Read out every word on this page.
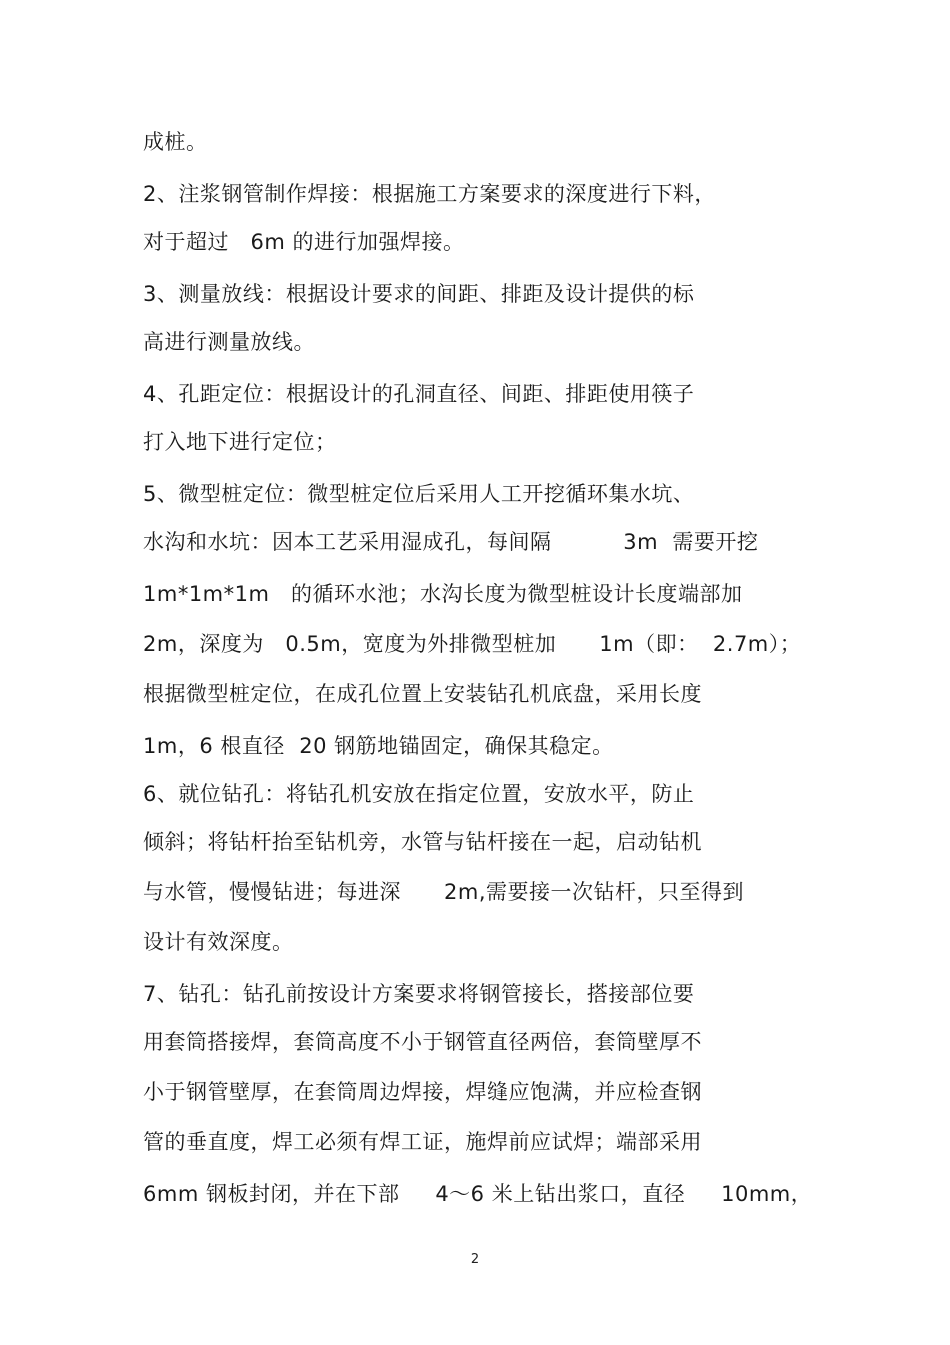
成桩。
2、注浆钢管制作焊接：根据施工方案要求的深度进行下料，
对于超过   6m 的进行加强焊接。
3、测量放线：根据设计要求的间距、排距及设计提供的标
高进行测量放线。
4、孔距定位：根据设计的孔洞直径、间距、排距使用筷子
打入地下进行定位；
5、微型桩定位：微型桩定位后采用人工开挖循环集水坑、
水沟和水坑：因本工艺采用湿成孔，每间隔          3m  需要开挖
1m*1m*1m   的循环水池；水沟长度为微型桩设计长度端部加
2m，深度为   0.5m，宽度为外排微型桩加      1m（即：  2.7m）；
根据微型桩定位，在成孔位置上安装钻孔机底盘，采用长度
1m，6 根直径  20 钢筋地锚固定，确保其稳定。
6、就位钻孔：将钻孔机安放在指定位置，安放水平，防止
倾斜；将钻杆抬至钻机旁，水管与钻杆接在一起，启动钻机
与水管，慢慢钻进；每进深      2m,需要接一次钻杆，只至得到
设计有效深度。
7、钻孔：钻孔前按设计方案要求将钢管接长，搭接部位要
用套筒搭接焊，套筒高度不小于钢管直径两倍，套筒壁厚不
小于钢管壁厚，在套筒周边焊接，焊缝应饱满，并应检查钢
管的垂直度，焊工必须有焊工证，施焊前应试焊；端部采用
6mm 钢板封闭，并在下部     4～6 米上钻出浆口，直径     10mm，
2
